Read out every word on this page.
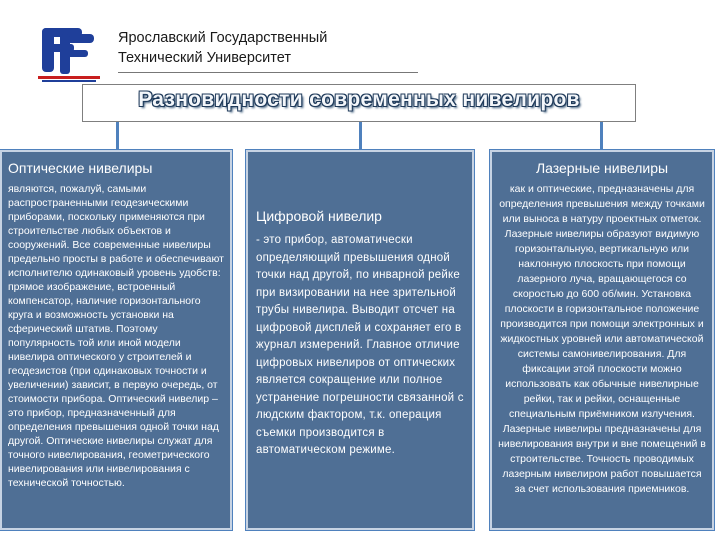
Ярославский Государственный
Технический Университет
Разновидности современных нивелиров
Оптические нивелиры

являются, пожалуй, самыми распространенными геодезическими приборами, поскольку применяются при строительстве любых объектов и сооружений. Все современные нивелиры предельно просты в работе и обеспечивают исполнителю одинаковый уровень удобств: прямое изображение, встроенный компенсатор, наличие горизонтального круга и возможность установки на сферический штатив. Поэтому популярность той или иной модели нивелира оптического у строителей и геодезистов (при одинаковых точности и увеличении) зависит, в первую очередь, от стоимости прибора. Оптический нивелир – это прибор, предназначенный для определения превышения одной точки над другой. Оптические нивелиры служат для точного нивелирования, геометрического нивелирования или нивелирования с технической точностью.

Цифровой нивелир

- это прибор, автоматически определяющий превышения одной точки над другой, по инварной рейке при визировании на нее зрительной трубы нивелира. Выводит отсчет на цифровой дисплей и сохраняет его в журнал измерений. Главное отличие цифровых нивелиров от оптических является сокращение или полное устранение погрешности связанной с людским фактором, т.к. операция съемки производится в автоматическом режиме.

Лазерные нивелиры

как и оптические, предназначены для определения превышения между точками или выноса в натуру проектных отметок. Лазерные нивелиры образуют видимую горизонтальную, вертикальную или наклонную плоскость при помощи лазерного луча, вращающегося со скоростью до 600 об/мин. Установка плоскости в горизонтальное положение производится при помощи электронных и жидкостных уровней или автоматической системы самонивелирования. Для фиксации этой плоскости можно использовать как обычные нивелирные рейки, так и рейки, оснащенные специальным приёмником излучения. Лазерные нивелиры предназначены для нивелирования внутри и вне помещений в строительстве. Точность проводимых лазерным нивелиром работ повышается за счет использования приемников.
